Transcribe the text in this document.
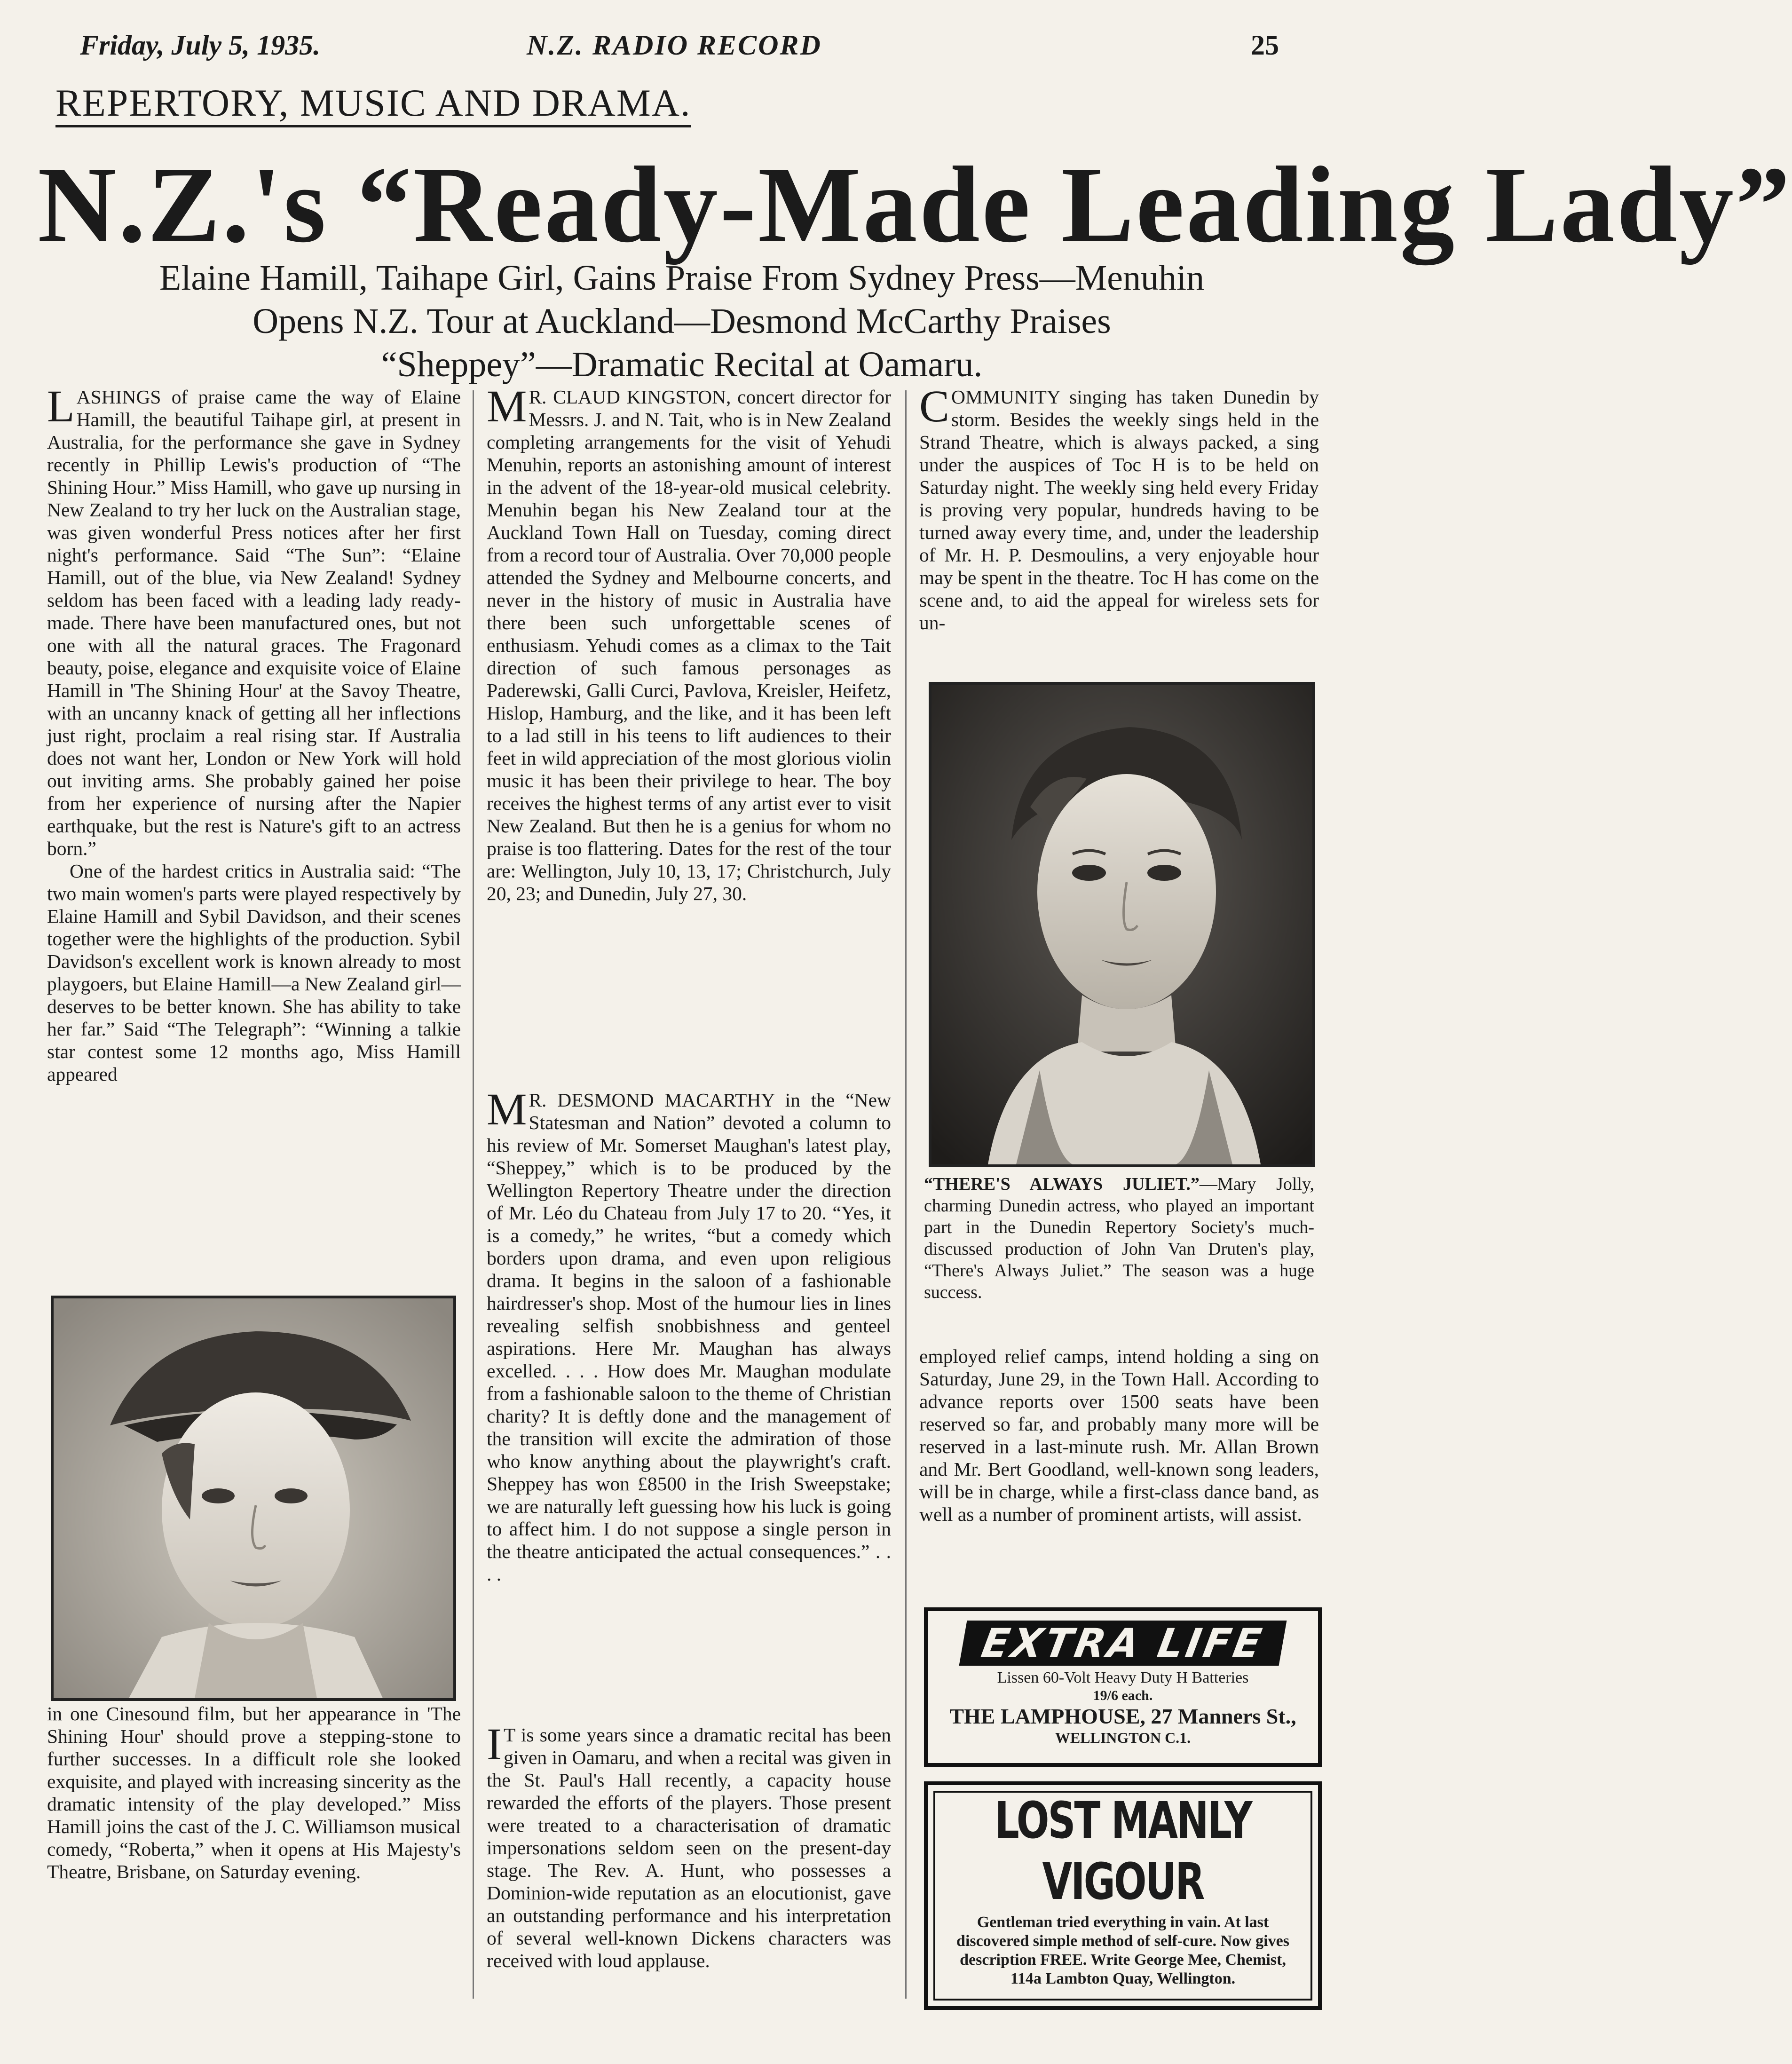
Friday, July 5, 1935.	N.Z. RADIO RECORD	25
REPERTORY, MUSIC AND DRAMA.
N.Z.'s “Ready-Made Leading Lady”
Elaine Hamill, Taihape Girl, Gains Praise From Sydney Press—Menuhin
Opens N.Z. Tour at Auckland—Desmond McCarthy Praises
“Sheppey”—Dramatic Recital at Oamaru.

LASHINGS of praise came the way of Elaine Hamill, the beautiful Taihape girl, at present in Australia, for the performance she gave in Sydney recently in Phillip Lewis's production of “The Shining Hour.” Miss Hamill, who gave up nursing in New Zealand to try her luck on the Australian stage, was given wonderful Press notices after her first night's performance. Said “The Sun”: “Elaine Hamill, out of the blue, via New Zealand! Sydney seldom has been faced with a leading lady ready-made. There have been manufactured ones, but not one with all the natural graces. The Fragonard beauty, poise, elegance and exquisite voice of Elaine Hamill in 'The Shining Hour' at the Savoy Theatre, with an uncanny knack of getting all her inflections just right, proclaim a real rising star. If Australia does not want her, London or New York will hold out inviting arms. She probably gained her poise from her experience of nursing after the Napier earthquake, but the rest is Nature's gift to an actress born.”

One of the hardest critics in Australia said: “The two main women's parts were played respectively by Elaine Hamill and Sybil Davidson, and their scenes together were the highlights of the production. Sybil Davidson's excellent work is known already to most playgoers, but Elaine Hamill—a New Zealand girl—deserves to be better known. She has ability to take her far.” Said “The Telegraph”: “Winning a talkie star contest some 12 months ago, Miss Hamill appeared

in one Cinesound film, but her appearance in 'The Shining Hour' should prove a stepping-stone to further successes. In a difficult role she looked exquisite, and played with increasing sincerity as the dramatic intensity of the play developed.” Miss Hamill joins the cast of the J. C. Williamson musical comedy, “Roberta,” when it opens at His Majesty's Theatre, Brisbane, on Saturday evening.

M R. CLAUD KINGSTON, concert director for Messrs. J. and N. Tait, who is in New Zealand completing arrangements for the visit of Yehudi Menuhin, reports an astonishing amount of interest in the advent of the 18-year-old musical celebrity. Menuhin began his New Zealand tour at the Auckland Town Hall on Tuesday, coming direct from a record tour of Australia. Over 70,000 people attended the Sydney and Melbourne concerts, and never in the history of music in Australia have there been such unforgettable scenes of enthusiasm. Yehudi comes as a climax to the Tait direction of such famous personages as Paderewski, Galli Curci, Pavlova, Kreisler, Heifetz, Hislop, Hamburg, and the like, and it has been left to a lad still in his teens to lift audiences to their feet in wild appreciation of the most glorious violin music it has been their privilege to hear. The boy receives the highest terms of any artist ever to visit New Zealand. But then he is a genius for whom no praise is too flattering. Dates for the rest of the tour are: Wellington, July 10, 13, 17; Christchurch, July 20, 23; and Dunedin, July 27, 30.

M R. DESMOND MACARTHY in the “New Statesman and Nation” devoted a column to his review of Mr. Somerset Maughan's latest play, “Sheppey,” which is to be produced by the Wellington Repertory Theatre under the direction of Mr. Léo du Chateau from July 17 to 20. “Yes, it is a comedy,” he writes, “but a comedy which borders upon drama, and even upon religious drama. It begins in the saloon of a fashionable hairdresser's shop. Most of the humour lies in lines revealing selfish snobbishness and genteel aspirations. Here Mr. Maughan has always excelled. . . . How does Mr. Maughan modulate from a fashionable saloon to the theme of Christian charity? It is deftly done and the management of the transition will excite the admiration of those who know anything about the playwright's craft. Sheppey has won £8500 in the Irish Sweepstake; we are naturally left guessing how his luck is going to affect him. I do not suppose a single person in the theatre anticipated the actual consequences.” . . . .

I T is some years since a dramatic recital has been given in Oamaru, and when a recital was given in the St. Paul's Hall recently, a capacity house rewarded the efforts of the players. Those present were treated to a characterisation of dramatic impersonations seldom seen on the present-day stage. The Rev. A. Hunt, who possesses a Dominion-wide reputation as an elocutionist, gave an outstanding performance and his interpretation of several well-known Dickens characters was received with loud applause.

COMMUNITY singing has taken Dunedin by storm. Besides the weekly sings held in the Strand Theatre, which is always packed, a sing under the auspices of Toc H is to be held on Saturday night. The weekly sing held every Friday is proving very popular, hundreds having to be turned away every time, and, under the leadership of Mr. H. P. Desmoulins, a very enjoyable hour may be spent in the theatre. Toc H has come on the scene and, to aid the appeal for wireless sets for un-

“THERE'S ALWAYS JULIET.”—Mary Jolly, charming Dunedin actress, who played an important part in the Dunedin Repertory Society's much-discussed production of John Van Druten's play, “There's Always Juliet.” The season was a huge success.

employed relief camps, intend holding a sing on Saturday, June 29, in the Town Hall. According to advance reports over 1500 seats have been reserved so far, and probably many more will be reserved in a last-minute rush. Mr. Allan Brown and Mr. Bert Goodland, well-known song leaders, will be in charge, while a first-class dance band, as well as a number of prominent artists, will assist.

EXTRA LIFE
Lissen 60-Volt Heavy Duty H Batteries
19/6 each.
THE LAMPHOUSE, 27 Manners St.,
WELLINGTON C.1.
LOST MANLY VIGOUR
Gentleman tried everything in vain. At last discovered simple method of self-cure. Now gives description FREE. Write George Mee, Chemist, 114a Lambton Quay, Wellington.
